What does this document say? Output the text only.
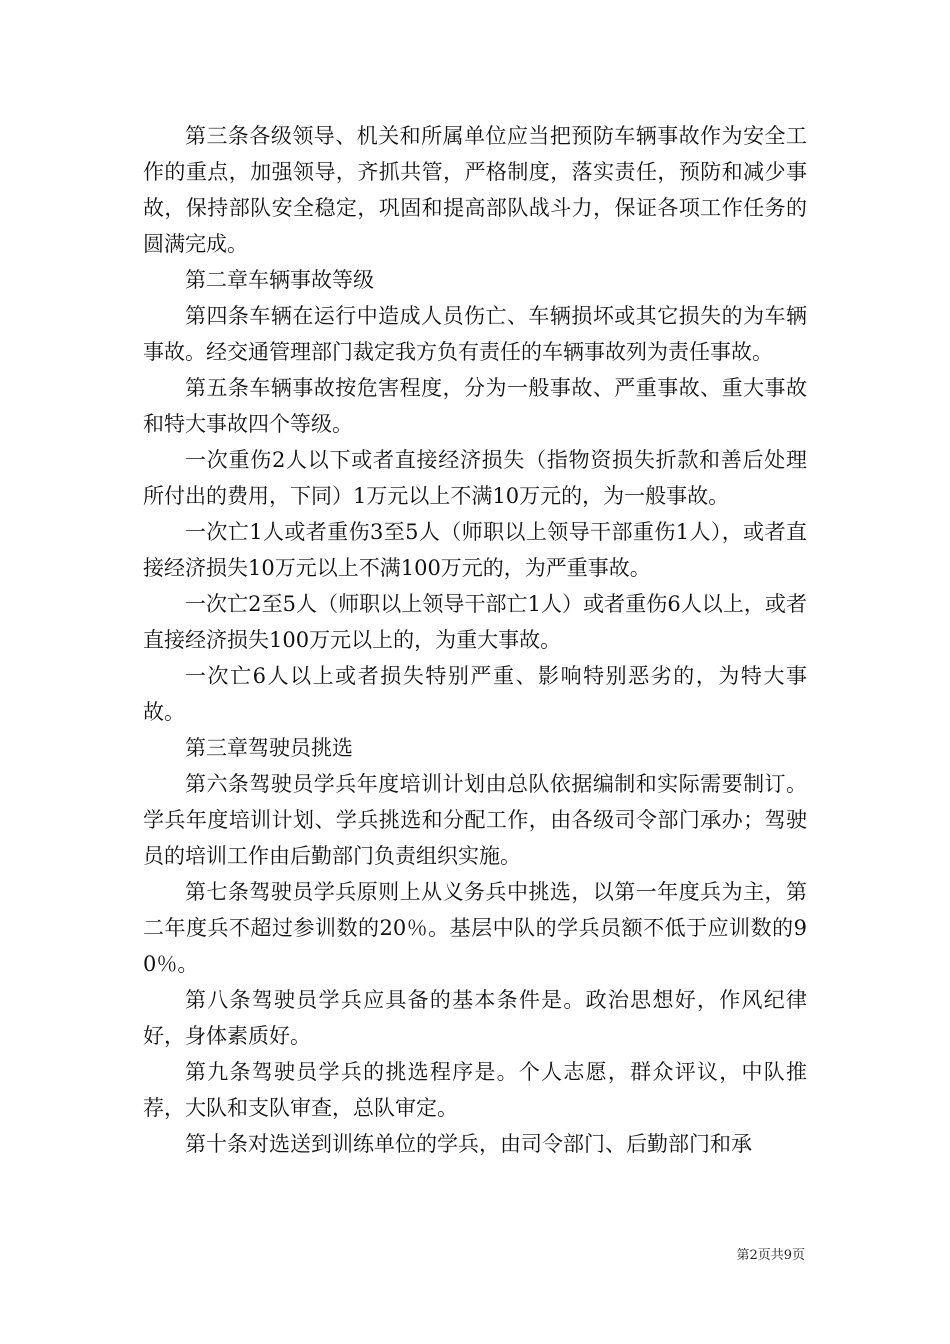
第三条各级领导、机关和所属单位应当把预防车辆事故作为安全工作的重点，加强领导，齐抓共管，严格制度，落实责任，预防和减少事故，保持部队安全稳定，巩固和提高部队战斗力，保证各项工作任务的圆满完成。

第二章车辆事故等级

第四条车辆在运行中造成人员伤亡、车辆损坏或其它损失的为车辆事故。经交通管理部门裁定我方负有责任的车辆事故列为责任事故。

第五条车辆事故按危害程度，分为一般事故、严重事故、重大事故和特大事故四个等级。

一次重伤2人以下或者直接经济损失（指物资损失折款和善后处理所付出的费用，下同）1万元以上不满10万元的，为一般事故。

一次亡1人或者重伤3至5人（师职以上领导干部重伤1人），或者直接经济损失10万元以上不满100万元的，为严重事故。

一次亡2至5人（师职以上领导干部亡1人）或者重伤6人以上，或者直接经济损失100万元以上的，为重大事故。

一次亡6人以上或者损失特别严重、影响特别恶劣的，为特大事故。

第三章驾驶员挑选

第六条驾驶员学兵年度培训计划由总队依据编制和实际需要制订。学兵年度培训计划、学兵挑选和分配工作，由各级司令部门承办；驾驶员的培训工作由后勤部门负责组织实施。

第七条驾驶员学兵原则上从义务兵中挑选，以第一年度兵为主，第二年度兵不超过参训数的20％。基层中队的学兵员额不低于应训数的90％。

第八条驾驶员学兵应具备的基本条件是。政治思想好，作风纪律好，身体素质好。

第九条驾驶员学兵的挑选程序是。个人志愿，群众评议，中队推荐，大队和支队审查，总队审定。

第十条对选送到训练单位的学兵，由司令部门、后勤部门和承

第2页共9页
